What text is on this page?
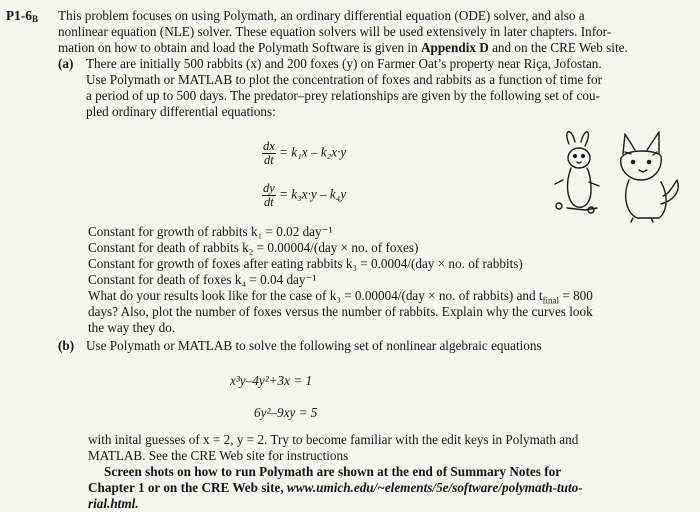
$P1-6_B$ This problem focuses on using Polymath, an ordinary differential equation (ODE) solver, and also a
nonlinear equation (NLE) solver. These equation solvers will be used extensively in later chapters. Infor-
mation on how to obtain and load the Polymath Software is given in Appendix D and on the CRE Web site.
(a) There are initially 500 rabbits (x) and 200 foxes (y) on Farmer Oat’s property near Riça, Jofostan.
Use Polymath or MATLAB to plot the concentration of foxes and rabbits as a function of time for
a period of up to 500 days. The predator–prey relationships are given by the following set of cou-
pled ordinary differential equations:
$\frac{dx}{dt} = k_1x - k_2x\cdot y$
$\frac{dy}{dt} = k_3x\cdot y - k_4y$
Constant for growth of rabbits k₁ = 0.02 day⁻¹
Constant for death of rabbits k₂ = 0.00004/(day × no. of foxes)
Constant for growth of foxes after eating rabbits k₃ = 0.0004/(day × no. of rabbits)
Constant for death of foxes k₄ = 0.04 day⁻¹
What do your results look like for the case of k₃ = 0.00004/(day × no. of rabbits) and $t_{final} = 800$
days? Also, plot the number of foxes versus the number of rabbits. Explain why the curves look
the way they do.
(b) Use Polymath or MATLAB to solve the following set of nonlinear algebraic equations
x³y–4y²+3x = 1
6y²–9xy = 5
with inital guesses of x = 2, y = 2. Try to become familiar with the edit keys in Polymath and
MATLAB. See the CRE Web site for instructions
Screen shots on how to run Polymath are shown at the end of Summary Notes for
Chapter 1 or on the CRE Web site, www.umich.edu/~elements/5e/software/polymath-tuto-
rial.html.
